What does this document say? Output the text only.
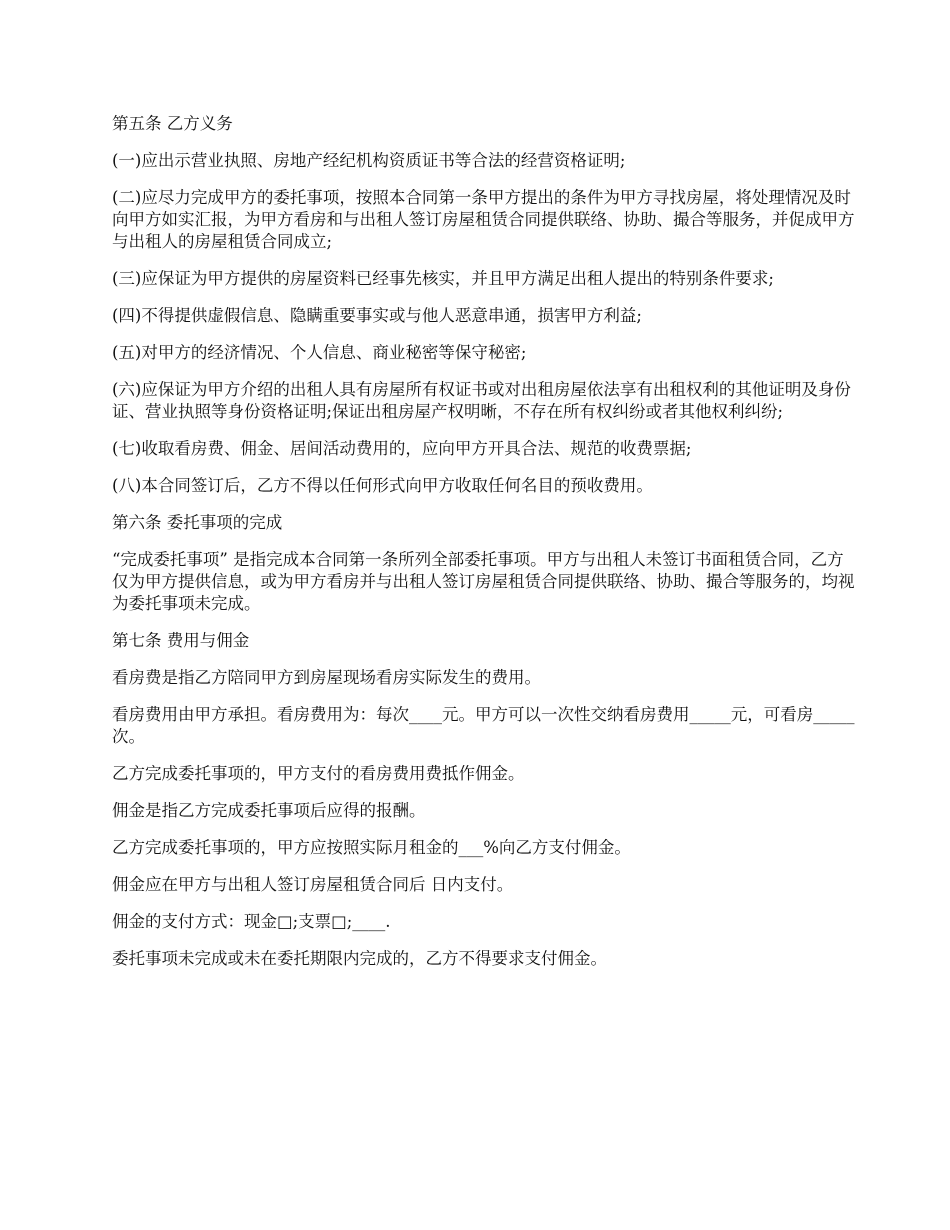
第五条 乙方义务

(一)应出示营业执照、房地产经纪机构资质证书等合法的经营资格证明;

(二)应尽力完成甲方的委托事项，按照本合同第一条甲方提出的条件为甲方寻找房屋，将处理情况及时向甲方如实汇报，为甲方看房和与出租人签订房屋租赁合同提供联络、协助、撮合等服务，并促成甲方与出租人的房屋租赁合同成立;

(三)应保证为甲方提供的房屋资料已经事先核实，并且甲方满足出租人提出的特别条件要求;

(四)不得提供虚假信息、隐瞒重要事实或与他人恶意串通，损害甲方利益;

(五)对甲方的经济情况、个人信息、商业秘密等保守秘密;

(六)应保证为甲方介绍的出租人具有房屋所有权证书或对出租房屋依法享有出租权利的其他证明及身份证、营业执照等身份资格证明;保证出租房屋产权明晰，不存在所有权纠纷或者其他权利纠纷;

(七)收取看房费、佣金、居间活动费用的，应向甲方开具合法、规范的收费票据;

(八)本合同签订后，乙方不得以任何形式向甲方收取任何名目的预收费用。

第六条 委托事项的完成

“完成委托事项” 是指完成本合同第一条所列全部委托事项。甲方与出租人未签订书面租赁合同，乙方仅为甲方提供信息，或为甲方看房并与出租人签订房屋租赁合同提供联络、协助、撮合等服务的，均视为委托事项未完成。

第七条 费用与佣金

看房费是指乙方陪同甲方到房屋现场看房实际发生的费用。

看房费用由甲方承担。看房费用为：每次____元。甲方可以一次性交纳看房费用_____元，可看房_____次。

乙方完成委托事项的，甲方支付的看房费用费抵作佣金。

佣金是指乙方完成委托事项后应得的报酬。

乙方完成委托事项的，甲方应按照实际月租金的___%向乙方支付佣金。

佣金应在甲方与出租人签订房屋租赁合同后 日内支付。

佣金的支付方式：现金□;支票□;____.

委托事项未完成或未在委托期限内完成的，乙方不得要求支付佣金。
